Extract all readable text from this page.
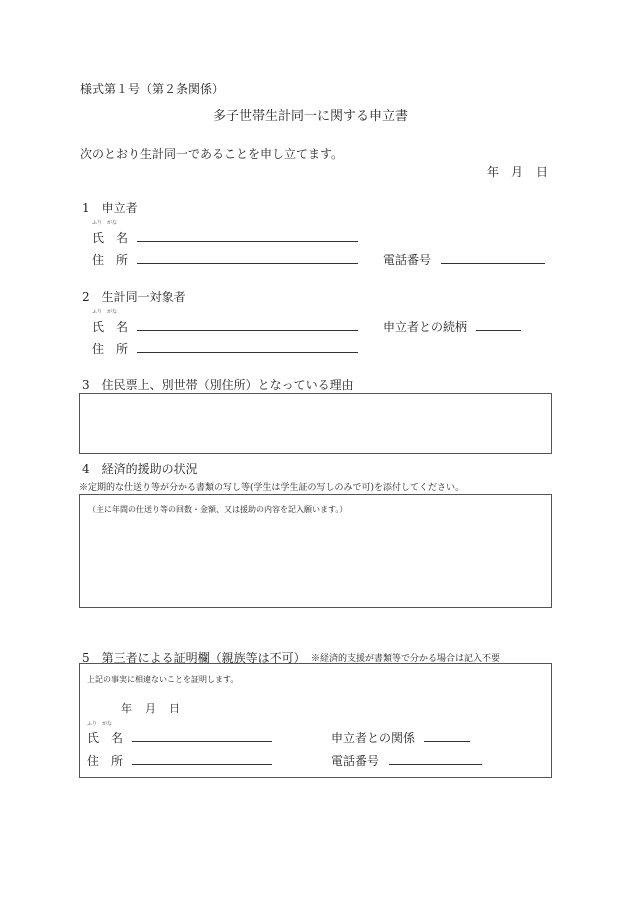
様式第１号（第２条関係）
多子世帯生計同一に関する申立書
次のとおり生計同一であることを申し立てます。
年 月 日
1　申立者
ふり　がな
氏　名
住　所	電話番号
2　生計同一対象者
ふり　がな
氏　名	申立者との続柄
住　所
3　住民票上、別世帯（別住所）となっている理由
4　経済的援助の状況
※定期的な仕送り等が分かる書類の写し等(学生は学生証の写しのみで可)を添付してください。
（主に年間の仕送り等の回数・金額、又は援助の内容を記入願います。）
5　第三者による証明欄（親族等は不可） ※経済的支援が書類等で分かる場合は記入不要
上記の事実に相違ないことを証明します。
年 月 日
ふり　がな
氏　名	申立者との関係
住　所	電話番号
